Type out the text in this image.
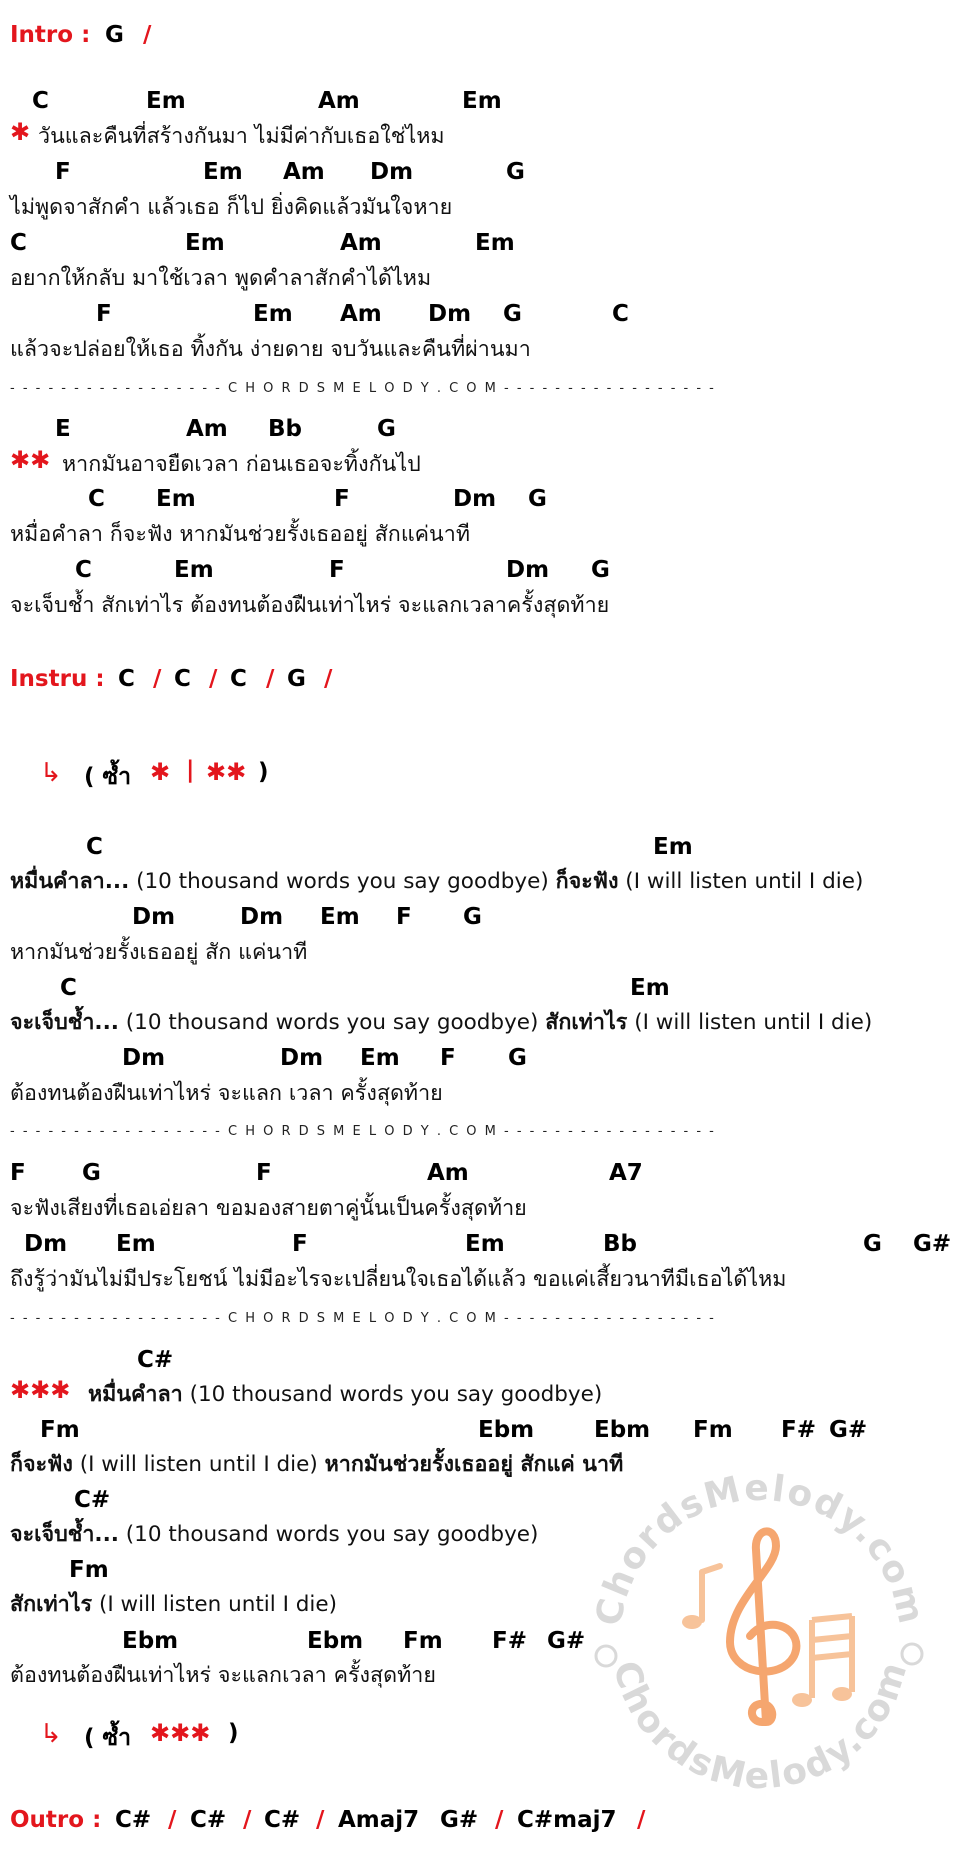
Intro : G /
C	Em	Am	Em
✱ วันและคืนที่สร้างกันมา ไม่มีค่ากับเธอใช่ไหม
F	Em Am Dm	G
ไม่พูดจาสักคำ แล้วเธอ ก็ไป ยิ่งคิดแล้วมันใจหาย
C	Em	Am	Em
อยากให้กลับ มาใช้เวลา พูดคำลาสักคำได้ไหม
F	Em Am Dm G	C
แล้วจะปล่อยให้เธอ ทิ้งกัน ง่ายดาย จบวันและคืนที่ผ่านมา
- - - - - - - - - - - - - - - - - C H O R D S M E L O D Y . C O M - - - - - - - - - - - - - - - - -
E	Am Bb	G
✱✱ หากมันอาจยืดเวลา ก่อนเธอจะทิ้งกันไป
C Em	F	Dm G
หมื่อคำลา ก็จะฟัง หากมันช่วยรั้งเธออยู่ สักแค่นาที
C	Em	F	Dm G
จะเจ็บช้ำ สักเท่าไร ต้องทนต้องฝืนเท่าไหร่ จะแลกเวลาครั้งสุดท้าย
Instru : C / C / C / G /
↳ ( ซ้ำ ✱ | ✱✱ )
C	Em
หมื่นคำลา... (10 thousand words you say goodbye) ก็จะฟัง (I will listen until I die)
Dm	Dm Em F G
หากมันช่วยรั้งเธออยู่ สัก แค่นาที
C	Em
จะเจ็บช้ำ... (10 thousand words you say goodbye) สักเท่าไร (I will listen until I die)
Dm	Dm Em F G
ต้องทนต้องฝืนเท่าไหร่ จะแลก เวลา ครั้งสุดท้าย
- - - - - - - - - - - - - - - - - C H O R D S M E L O D Y . C O M - - - - - - - - - - - - - - - - -
F G	F	Am	A7
จะฟังเสียงที่เธอเอ่ยลา ขอมองสายตาคู่นั้นเป็นครั้งสุดท้าย
Dm Em	F	Em	Bb	G G#
ถึงรู้ว่ามันไม่มีประโยชน์ ไม่มีอะไรจะเปลี่ยนใจเธอได้แล้ว ขอแค่เสี้ยวนาทีมีเธอได้ไหม
- - - - - - - - - - - - - - - - - C H O R D S M E L O D Y . C O M - - - - - - - - - - - - - - - - -
C#
✱✱✱ หมื่นคำลา (10 thousand words you say goodbye)
Fm	Ebm	Ebm Fm F# G#
ก็จะฟัง (I will listen until I die) หากมันช่วยรั้งเธออยู่ สักแค่ นาที
C#
จะเจ็บช้ำ... (10 thousand words you say goodbye)
Fm
สักเท่าไร (I will listen until I die)
Ebm	Ebm Fm F# G#
ต้องทนต้องฝืนเท่าไหร่ จะแลกเวลา ครั้งสุดท้าย
↳ ( ซ้ำ ✱✱✱ )
Outro : C# / C# / C# / Amaj7 G# / C#maj7 /
ChordsMelody.com
ChordsMelody.com
